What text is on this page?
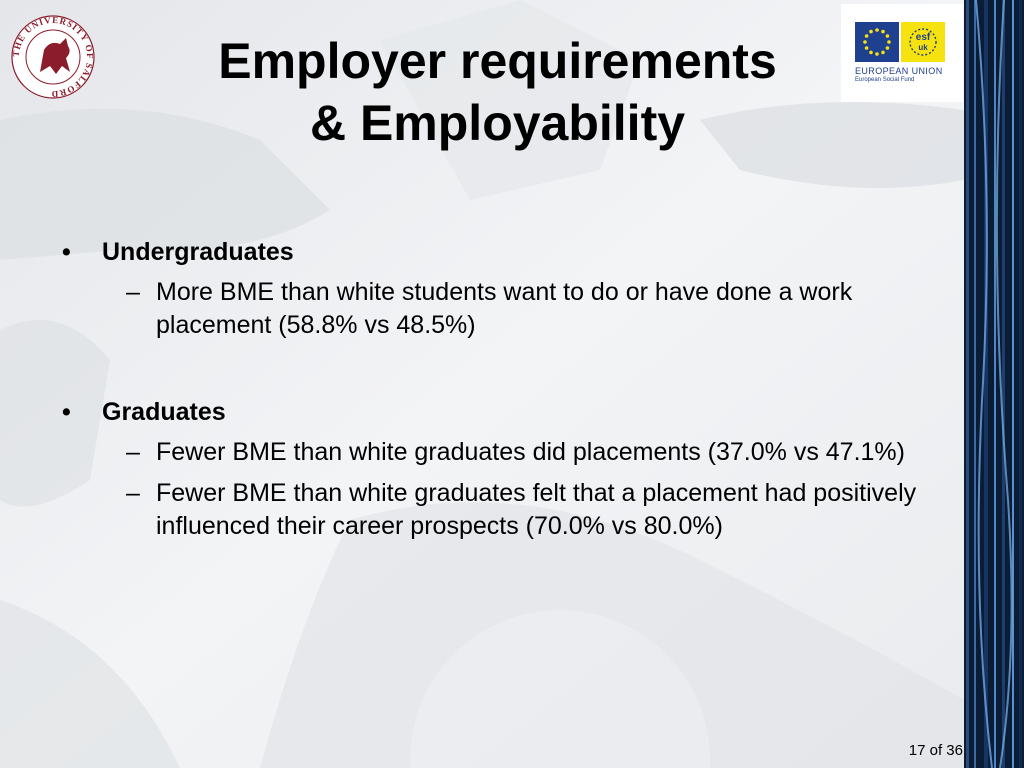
THE UNIVERSITY OF SALFORD
esf
uk
EUROPEAN UNION
European Social Fund
Employer requirements
& Employability
•	Undergraduates
– More BME than white students want to do or have done a work placement (58.8% vs 48.5%)
•	Graduates
– Fewer BME than white graduates did placements (37.0% vs 47.1%)
– Fewer BME than white graduates felt that a placement had positively influenced their career prospects (70.0% vs 80.0%)
17 of 36
